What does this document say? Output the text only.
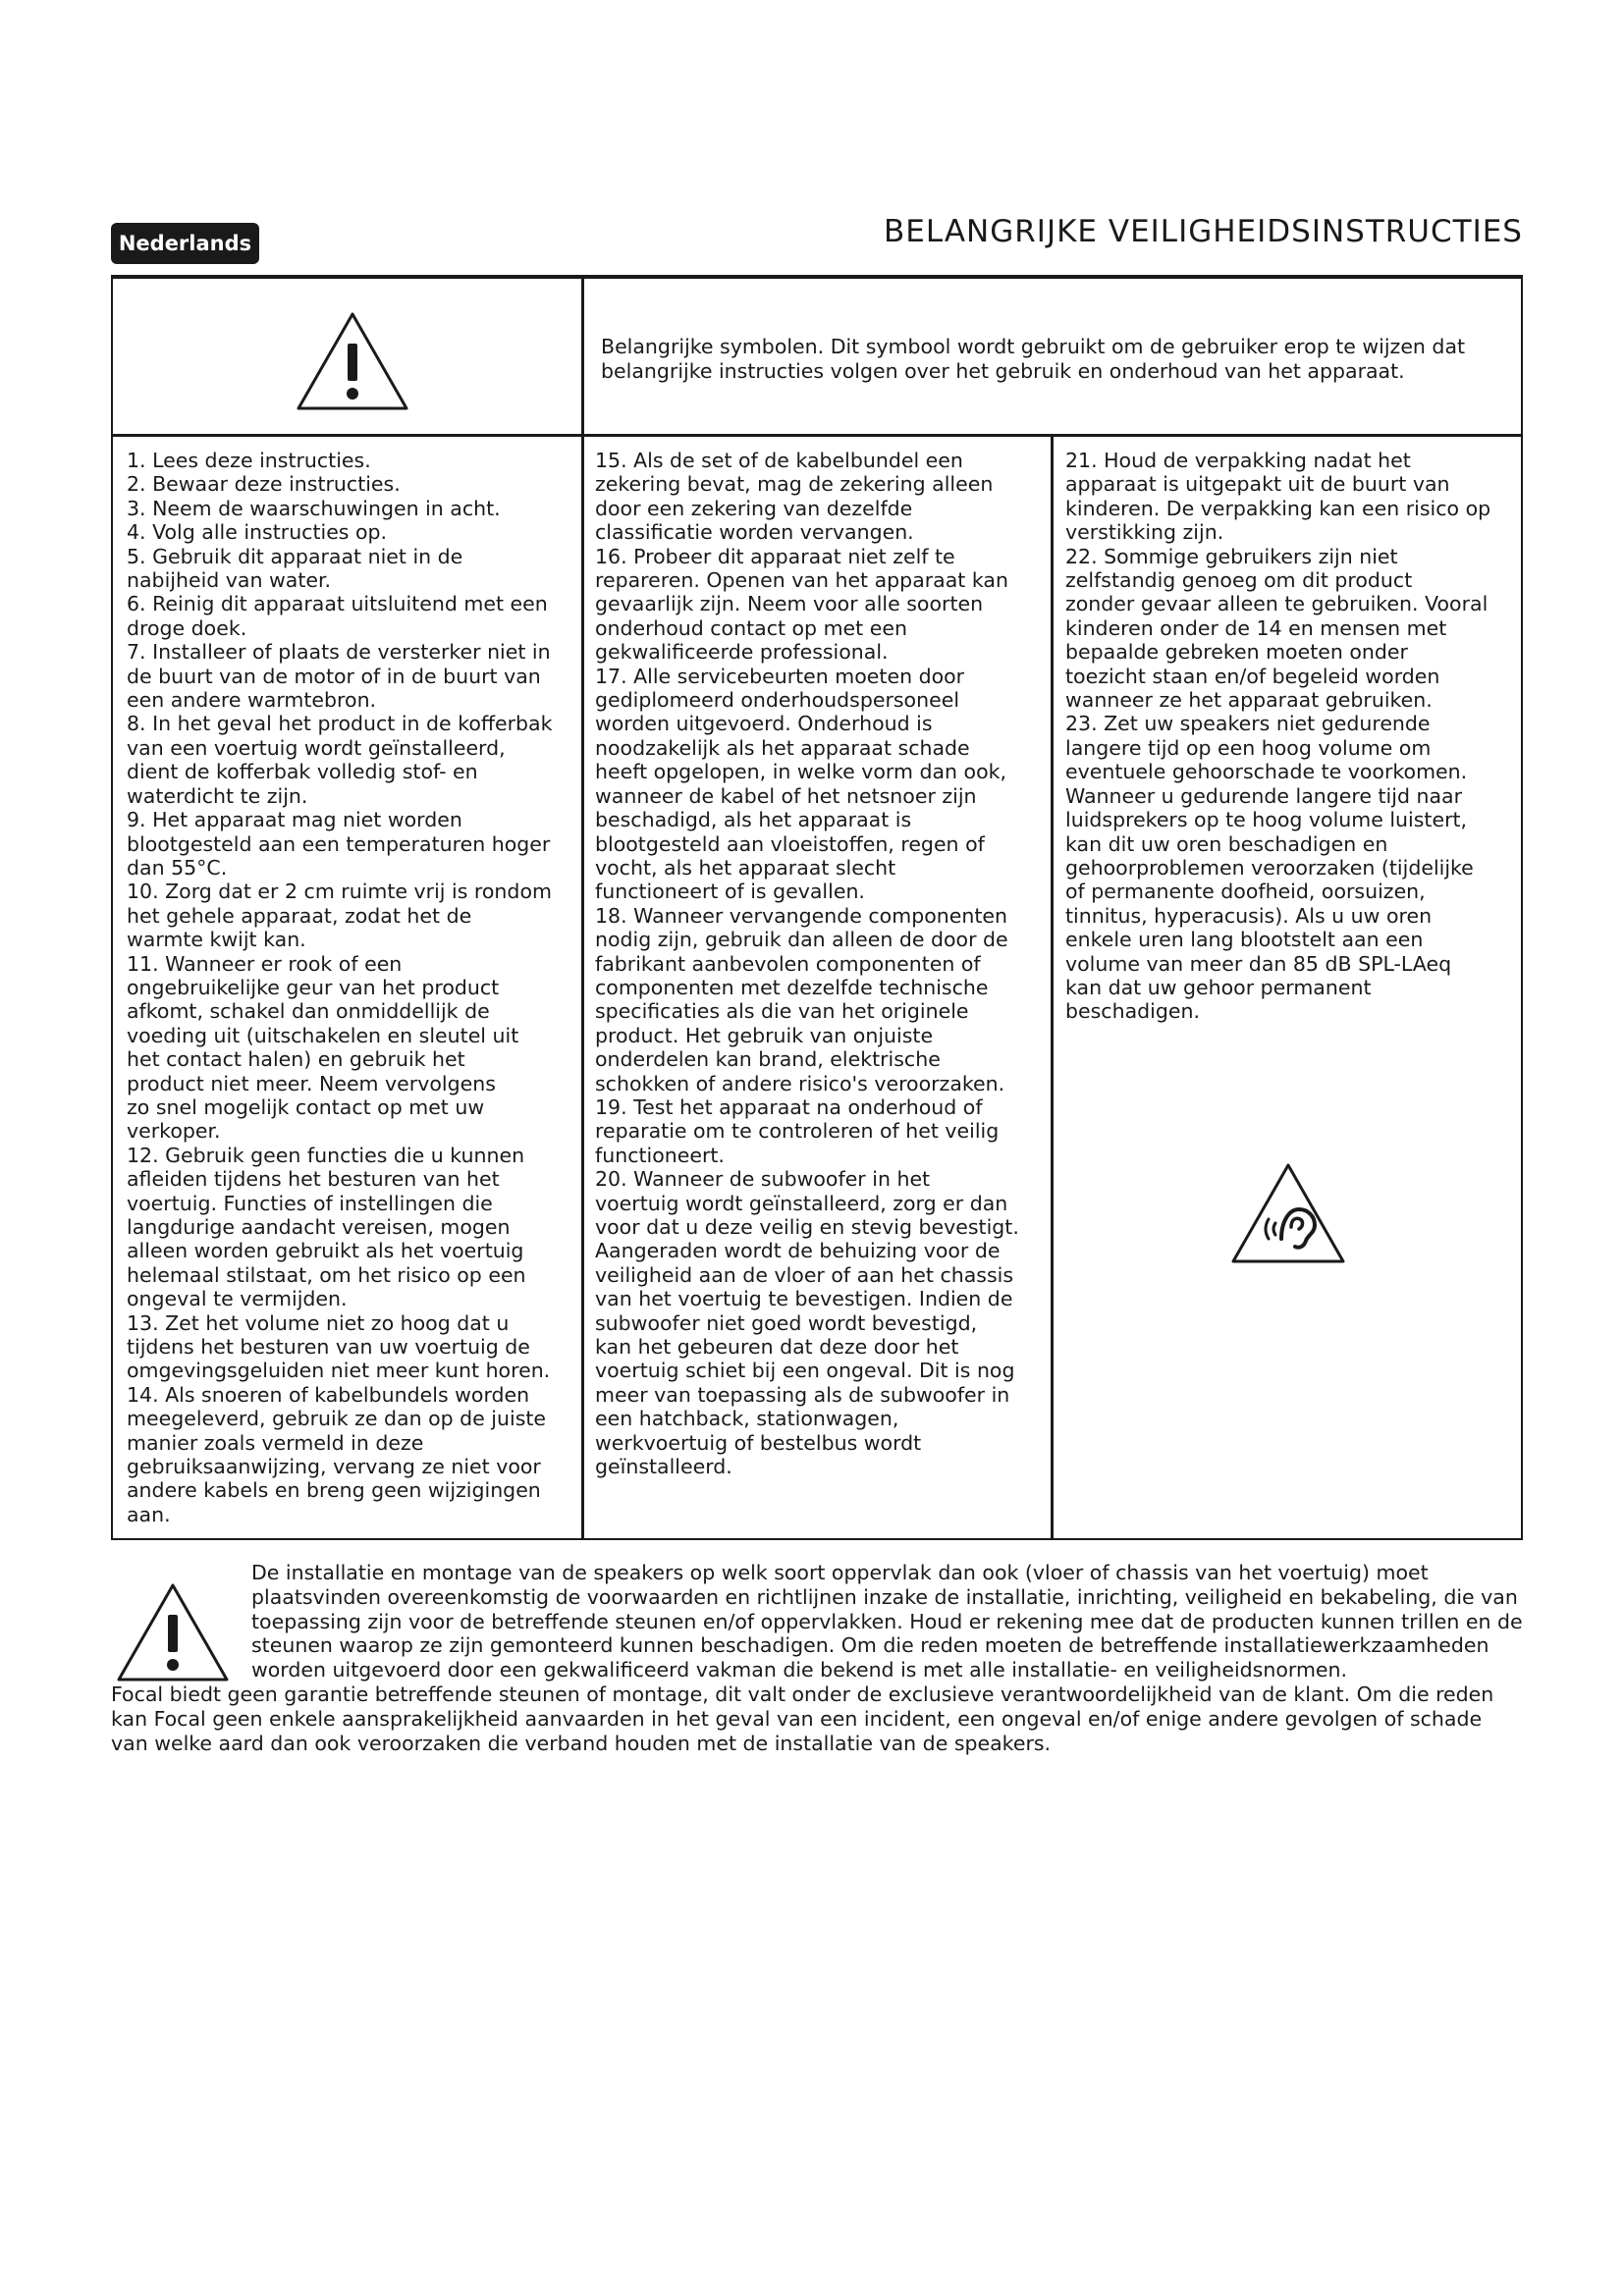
Nederlands	BELANGRIJKE VEILIGHEIDSINSTRUCTIES
Belangrijke symbolen. Dit symbool wordt gebruikt om de gebruiker erop te wijzen dat belangrijke instructies volgen over het gebruik en onderhoud van het apparaat.
1. Lees deze instructies.
2. Bewaar deze instructies.
3. Neem de waarschuwingen in acht.
4. Volg alle instructies op.
5. Gebruik dit apparaat niet in de
nabijheid van water.
6. Reinig dit apparaat uitsluitend met een
droge doek.
7. Installeer of plaats de versterker niet in
de buurt van de motor of in de buurt van
een andere warmtebron.
8. In het geval het product in de kofferbak
van een voertuig wordt geïnstalleerd,
dient de kofferbak volledig stof- en
waterdicht te zijn.
9. Het apparaat mag niet worden
blootgesteld aan een temperaturen hoger
dan 55°C.
10. Zorg dat er 2 cm ruimte vrij is rondom
het gehele apparaat, zodat het de
warmte kwijt kan.
11. Wanneer er rook of een
ongebruikelijke geur van het product
afkomt, schakel dan onmiddellijk de
voeding uit (uitschakelen en sleutel uit
het contact halen) en gebruik het
product niet meer. Neem vervolgens
zo snel mogelijk contact op met uw
verkoper.
12. Gebruik geen functies die u kunnen
afleiden tijdens het besturen van het
voertuig. Functies of instellingen die
langdurige aandacht vereisen, mogen
alleen worden gebruikt als het voertuig
helemaal stilstaat, om het risico op een
ongeval te vermijden.
13. Zet het volume niet zo hoog dat u
tijdens het besturen van uw voertuig de
omgevingsgeluiden niet meer kunt horen.
14. Als snoeren of kabelbundels worden
meegeleverd, gebruik ze dan op de juiste
manier zoals vermeld in deze
gebruiksaanwijzing, vervang ze niet voor
andere kabels en breng geen wijzigingen
aan.
15. Als de set of de kabelbundel een
zekering bevat, mag de zekering alleen
door een zekering van dezelfde
classificatie worden vervangen.
16. Probeer dit apparaat niet zelf te
repareren. Openen van het apparaat kan
gevaarlijk zijn. Neem voor alle soorten
onderhoud contact op met een
gekwalificeerde professional.
17. Alle servicebeurten moeten door
gediplomeerd onderhoudspersoneel
worden uitgevoerd. Onderhoud is
noodzakelijk als het apparaat schade
heeft opgelopen, in welke vorm dan ook,
wanneer de kabel of het netsnoer zijn
beschadigd, als het apparaat is
blootgesteld aan vloeistoffen, regen of
vocht, als het apparaat slecht
functioneert of is gevallen.
18. Wanneer vervangende componenten
nodig zijn, gebruik dan alleen de door de
fabrikant aanbevolen componenten of
componenten met dezelfde technische
specificaties als die van het originele
product. Het gebruik van onjuiste
onderdelen kan brand, elektrische
schokken of andere risico's veroorzaken.
19. Test het apparaat na onderhoud of
reparatie om te controleren of het veilig
functioneert.
20. Wanneer de subwoofer in het
voertuig wordt geïnstalleerd, zorg er dan
voor dat u deze veilig en stevig bevestigt.
Aangeraden wordt de behuizing voor de
veiligheid aan de vloer of aan het chassis
van het voertuig te bevestigen. Indien de
subwoofer niet goed wordt bevestigd,
kan het gebeuren dat deze door het
voertuig schiet bij een ongeval. Dit is nog
meer van toepassing als de subwoofer in
een hatchback, stationwagen,
werkvoertuig of bestelbus wordt
geïnstalleerd.
21. Houd de verpakking nadat het
apparaat is uitgepakt uit de buurt van
kinderen. De verpakking kan een risico op
verstikking zijn.
22. Sommige gebruikers zijn niet
zelfstandig genoeg om dit product
zonder gevaar alleen te gebruiken. Vooral
kinderen onder de 14 en mensen met
bepaalde gebreken moeten onder
toezicht staan en/of begeleid worden
wanneer ze het apparaat gebruiken.
23. Zet uw speakers niet gedurende
langere tijd op een hoog volume om
eventuele gehoorschade te voorkomen.
Wanneer u gedurende langere tijd naar
luidsprekers op te hoog volume luistert,
kan dit uw oren beschadigen en
gehoorproblemen veroorzaken (tijdelijke
of permanente doofheid, oorsuizen,
tinnitus, hyperacusis). Als u uw oren
enkele uren lang blootstelt aan een
volume van meer dan 85 dB SPL-LAeq
kan dat uw gehoor permanent
beschadigen.
De installatie en montage van de speakers op welk soort oppervlak dan ook (vloer of chassis van het voertuig) moet plaatsvinden overeenkomstig de voorwaarden en richtlijnen inzake de installatie, inrichting, veiligheid en bekabeling, die van toepassing zijn voor de betreffende steunen en/of oppervlakken. Houd er rekening mee dat de producten kunnen trillen en de steunen waarop ze zijn gemonteerd kunnen beschadigen. Om die reden moeten de betreffende installatiewerkzaamheden worden uitgevoerd door een gekwalificeerd vakman die bekend is met alle installatie- en veiligheidsnormen.
Focal biedt geen garantie betreffende steunen of montage, dit valt onder de exclusieve verantwoordelijkheid van de klant. Om die reden kan Focal geen enkele aansprakelijkheid aanvaarden in het geval van een incident, een ongeval en/of enige andere gevolgen of schade van welke aard dan ook veroorzaken die verband houden met de installatie van de speakers.
